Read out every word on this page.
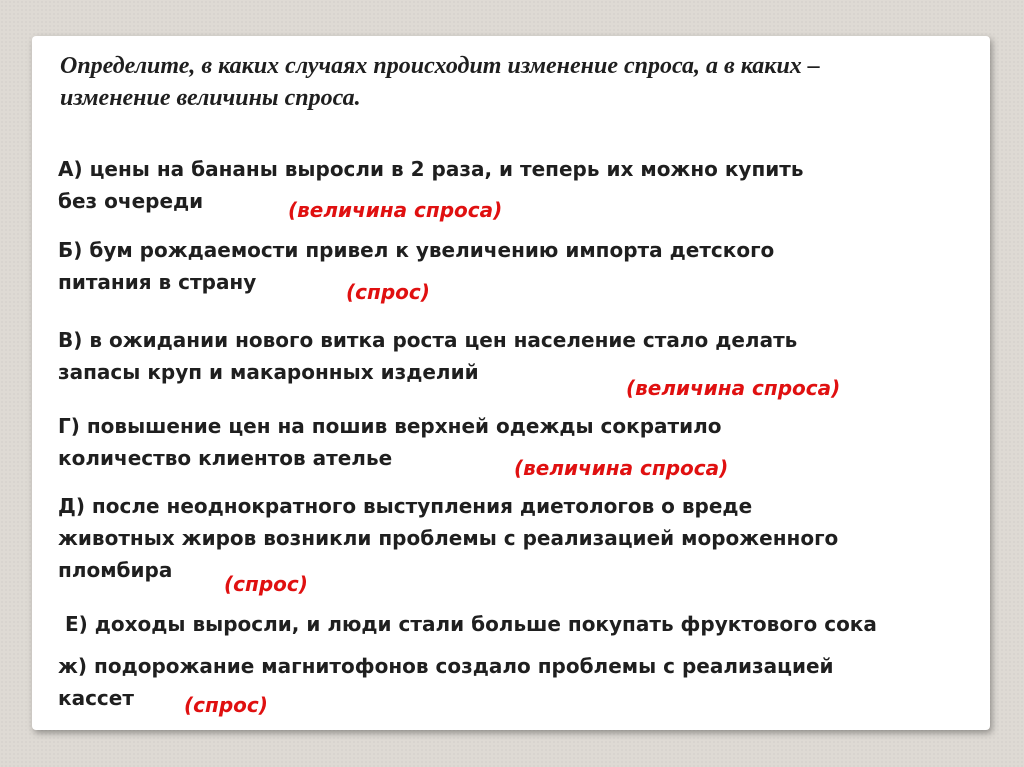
Определите, в каких случаях происходит изменение спроса, а в каких –
изменение величины спроса.

А) цены на бананы выросли в 2 раза, и теперь их можно купить
без очереди	(величина спроса)

Б) бум рождаемости привел к увеличению импорта детского
питания в страну	(спрос)

В) в ожидании нового витка роста цен население стало делать
запасы круп и макаронных изделий

(величина спроса)

Г) повышение цен на пошив верхней одежды сократило
количество клиентов ателье	(величина спроса)

Д) после неоднократного выступления диетологов о вреде
животных жиров возникли проблемы с реализацией мороженного
пломбира

(спрос)

Е) доходы выросли, и люди стали больше покупать фруктового сока

ж) подорожание магнитофонов создало проблемы с реализацией
кассет	(спрос)
